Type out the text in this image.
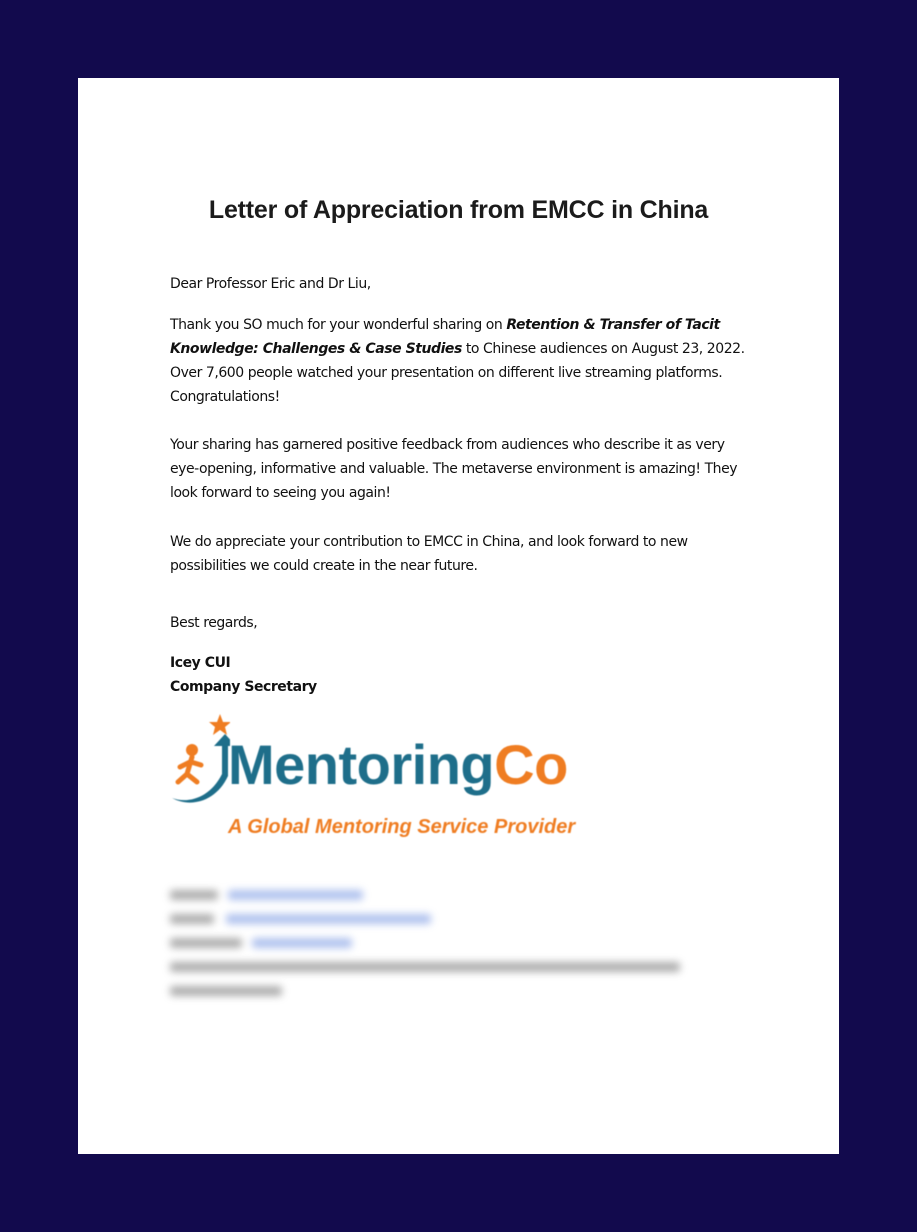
Letter of Appreciation from EMCC in China
Dear Professor Eric and Dr Liu,
Thank you SO much for your wonderful sharing on Retention & Transfer of Tacit Knowledge: Challenges & Case Studies to Chinese audiences on August 23, 2022. Over 7,600 people watched your presentation on different live streaming platforms. Congratulations!
Your sharing has garnered positive feedback from audiences who describe it as very eye-opening, informative and valuable. The metaverse environment is amazing! They look forward to seeing you again!
We do appreciate your contribution to EMCC in China, and look forward to new possibilities we could create in the near future.
Best regards,
Icey CUI
Company Secretary
MentoringCo
A Global Mentoring Service Provider
